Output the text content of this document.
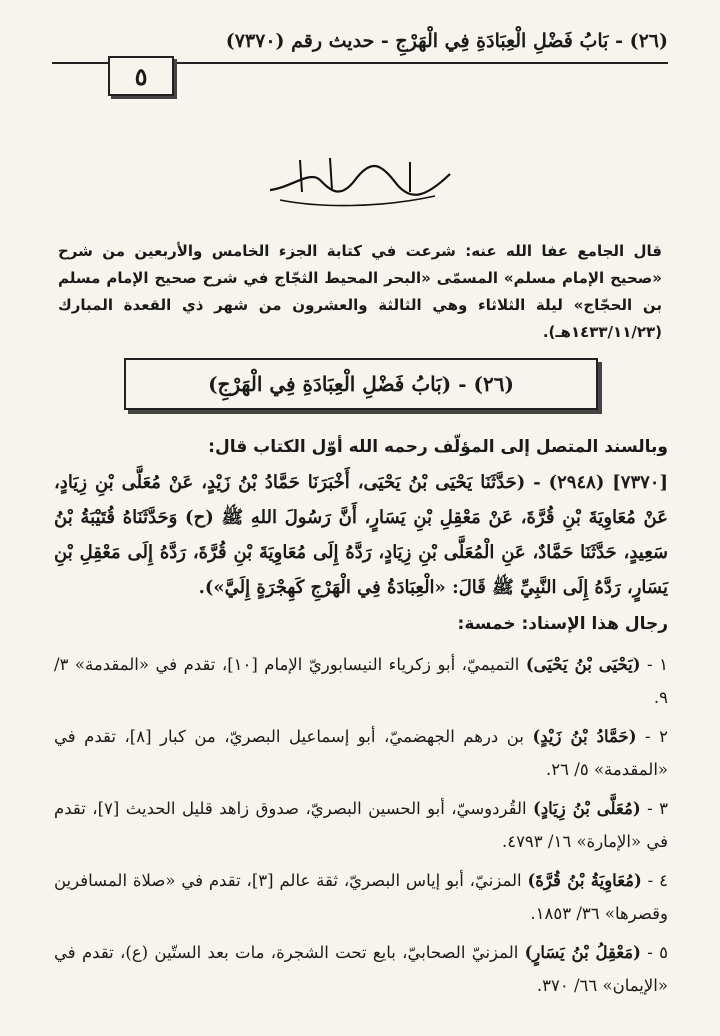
(٢٦) - بَابُ فَضْلِ الْعِبَادَةِ فِي الْهَرْجِ - حديث رقم (٧٣٧٠)
٥

قال الجامع عفا الله عنه: شرعت في كتابة الجزء الخامس والأربعين من شرح «صحيح الإمام مسلم» المسمّى «البحر المحيط الثجّاج في شرح صحيح الإمام مسلم بن الحجّاج» ليلة الثلاثاء وهي الثالثة والعشرون من شهر ذي القعدة المبارك (١٤٣٣/١١/٢٣هـ).

(٢٦) - (بَابُ فَضْلِ الْعِبَادَةِ فِي الْهَرْجِ)

وبالسند المتصل إلى المؤلّف رحمه الله أوّل الكتاب قال:

[٧٣٧٠] (٢٩٤٨) - (حَدَّثَنَا يَحْيَى بْنُ يَحْيَى، أَخْبَرَنَا حَمَّادُ بْنُ زَيْدٍ، عَنْ مُعَلَّى بْنِ زِيَادٍ، عَنْ مُعَاوِيَةَ بْنِ قُرَّةَ، عَنْ مَعْقِلِ بْنِ يَسَارٍ، أَنَّ رَسُولَ اللهِ ﷺ (ح) وَحَدَّثَنَاهُ قُتَيْبَةُ بْنُ سَعِيدٍ، حَدَّثَنَا حَمَّادٌ، عَنِ الْمُعَلَّى بْنِ زِيَادٍ، رَدَّهُ إِلَى مُعَاوِيَةَ بْنِ قُرَّةَ، رَدَّهُ إِلَى مَعْقِلِ بْنِ يَسَارٍ، رَدَّهُ إِلَى النَّبِيِّ ﷺ قَالَ: «الْعِبَادَةُ فِي الْهَرْجِ كَهِجْرَةٍ إِلَيَّ»).

رجال هذا الإسناد: خمسة:

١ - (يَحْيَى بْنُ يَحْيَى) التميميّ، أبو زكرياء النيسابوريّ الإمام [١٠]، تقدم في «المقدمة» ٣/ ٩.

٢ - (حَمَّادُ بْنُ زَيْدٍ) بن درهم الجهضميّ، أبو إسماعيل البصريّ، من كبار [٨]، تقدم في «المقدمة» ٥/ ٢٦.

٣ - (مُعَلَّى بْنُ زِيَادٍ) القُردوسيّ، أبو الحسين البصريّ، صدوق زاهد قليل الحديث [٧]، تقدم في «الإمارة» ١٦/ ٤٧٩٣.

٤ - (مُعَاوِيَةُ بْنُ قُرَّةَ) المزنيّ، أبو إياس البصريّ، ثقة عالم [٣]، تقدم في «صلاة المسافرين وقصرها» ٣٦/ ١٨٥٣.

٥ - (مَعْقِلُ بْنُ يَسَارٍ) المزنيّ الصحابيّ، بايع تحت الشجرة، مات بعد الستّين (ع)، تقدم في «الإيمان» ٦٦/ ٣٧٠.
